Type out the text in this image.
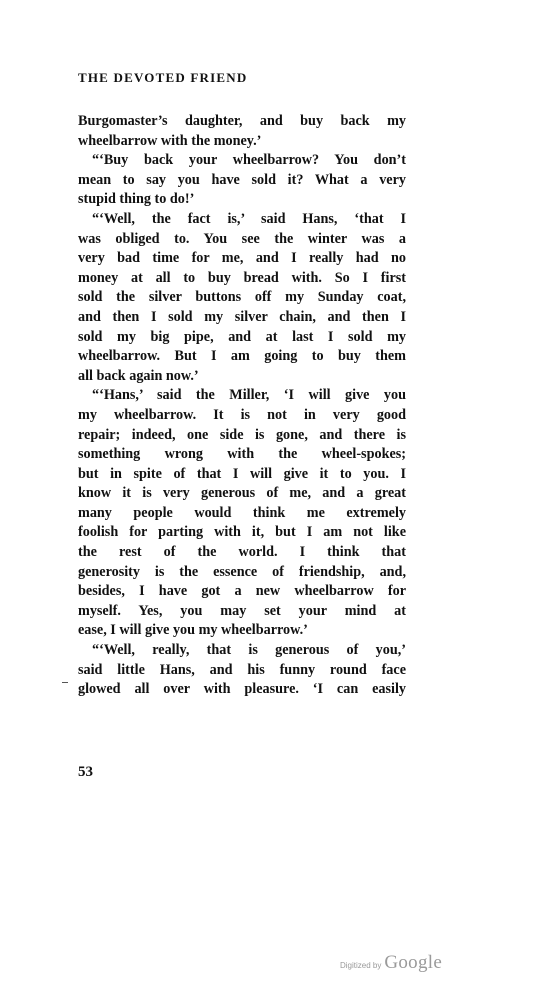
THE DEVOTED FRIEND
Burgomaster’s daughter, and buy back my
wheelbarrow with the money.’
“‘Buy back your wheelbarrow? You don’t
mean to say you have sold it? What a very
stupid thing to do!’
“‘Well, the fact is,’ said Hans, ‘that I
was obliged to. You see the winter was a
very bad time for me, and I really had no
money at all to buy bread with. So I first
sold the silver buttons off my Sunday coat,
and then I sold my silver chain, and then I
sold my big pipe, and at last I sold my
wheelbarrow. But I am going to buy them
all back again now.’
“‘Hans,’ said the Miller, ‘I will give you
my wheelbarrow. It is not in very good
repair; indeed, one side is gone, and there is
something wrong with the wheel-spokes;
but in spite of that I will give it to you. I
know it is very generous of me, and a great
many people would think me extremely
foolish for parting with it, but I am not like
the rest of the world. I think that
generosity is the essence of friendship, and,
besides, I have got a new wheelbarrow for
myself. Yes, you may set your mind at
ease, I will give you my wheelbarrow.’
“‘Well, really, that is generous of you,’
said little Hans, and his funny round face
glowed all over with pleasure. ‘I can easily
53
Digitized by Google
